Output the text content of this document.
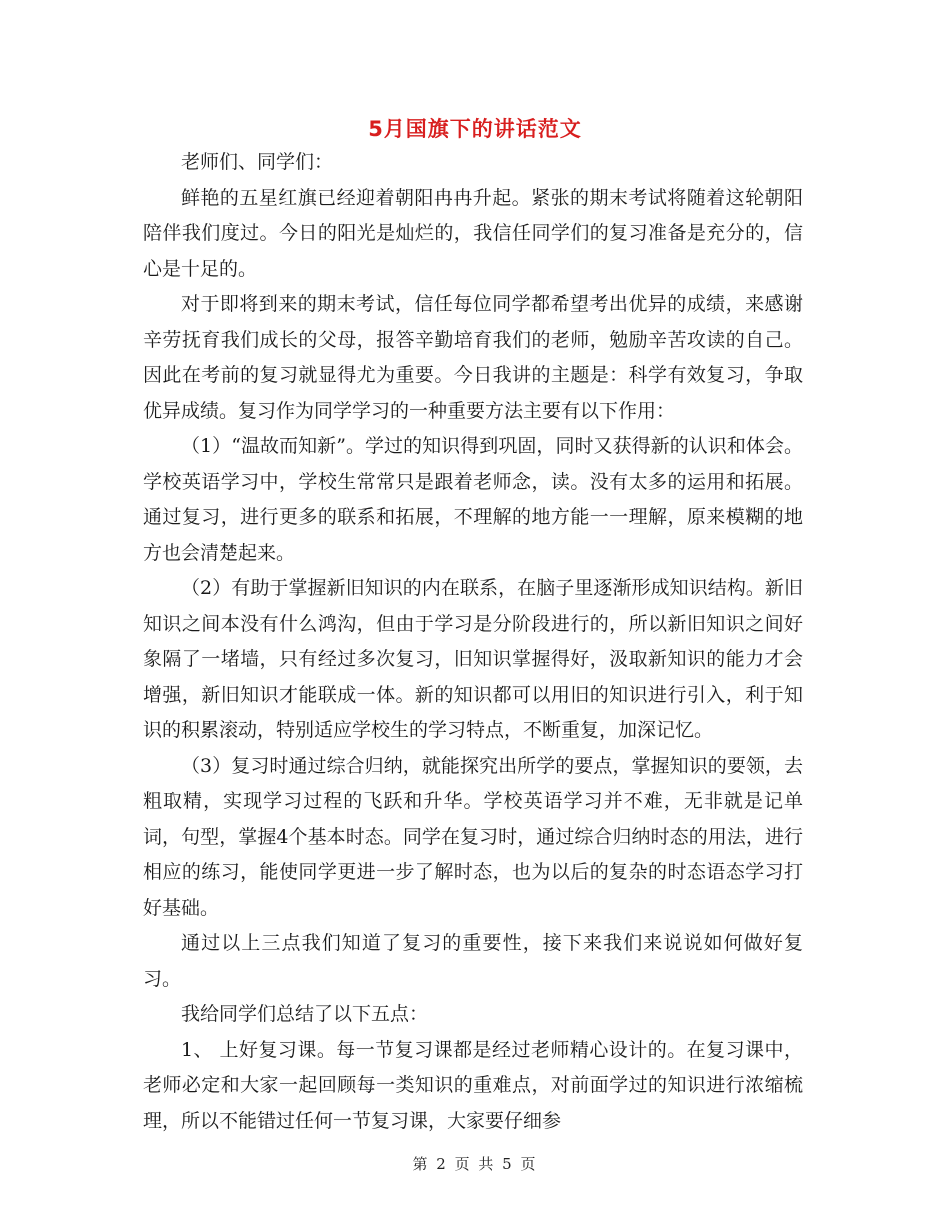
5月国旗下的讲话范文

老师们、同学们：

鲜艳的五星红旗已经迎着朝阳冉冉升起。紧张的期末考试将随着这轮朝阳陪伴我们度过。今日的阳光是灿烂的，我信任同学们的复习准备是充分的，信心是十足的。

对于即将到来的期末考试，信任每位同学都希望考出优异的成绩，来感谢辛劳抚育我们成长的父母，报答辛勤培育我们的老师，勉励辛苦攻读的自己。因此在考前的复习就显得尤为重要。今日我讲的主题是：科学有效复习，争取优异成绩。复习作为同学学习的一种重要方法主要有以下作用：

（1）“温故而知新”。学过的知识得到巩固，同时又获得新的认识和体会。学校英语学习中，学校生常常只是跟着老师念，读。没有太多的运用和拓展。通过复习，进行更多的联系和拓展，不理解的地方能一一理解，原来模糊的地方也会清楚起来。

（2）有助于掌握新旧知识的内在联系，在脑子里逐渐形成知识结构。新旧知识之间本没有什么鸿沟，但由于学习是分阶段进行的，所以新旧知识之间好象隔了一堵墙，只有经过多次复习，旧知识掌握得好，汲取新知识的能力才会增强，新旧知识才能联成一体。新的知识都可以用旧的知识进行引入，利于知识的积累滚动，特别适应学校生的学习特点，不断重复，加深记忆。

（3）复习时通过综合归纳，就能探究出所学的要点，掌握知识的要领，去粗取精，实现学习过程的飞跃和升华。学校英语学习并不难，无非就是记单词，句型，掌握4个基本时态。同学在复习时，通过综合归纳时态的用法，进行相应的练习，能使同学更进一步了解时态，也为以后的复杂的时态语态学习打好基础。

通过以上三点我们知道了复习的重要性，接下来我们来说说如何做好复习。

我给同学们总结了以下五点：

1、 上好复习课。每一节复习课都是经过老师精心设计的。在复习课中，老师必定和大家一起回顾每一类知识的重难点，对前面学过的知识进行浓缩梳理，所以不能错过任何一节复习课，大家要仔细参

第 2 页 共 5 页
